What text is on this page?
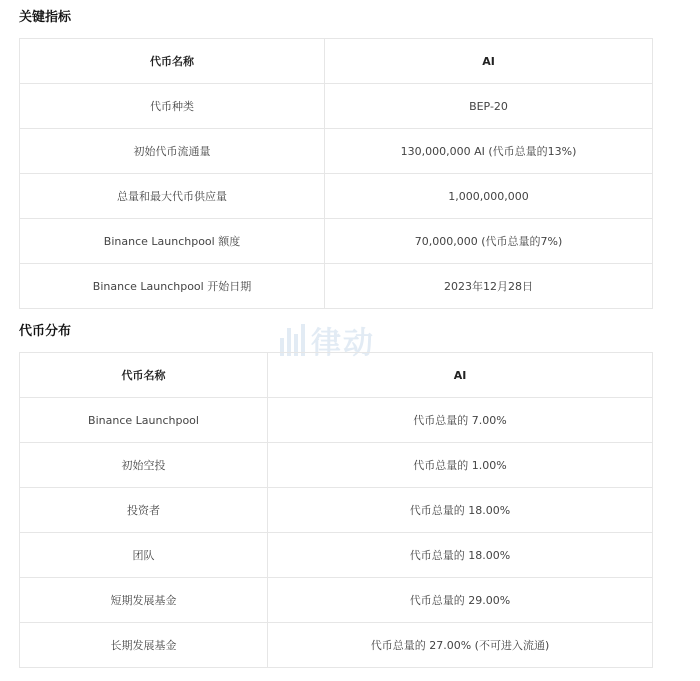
关键指标
代币名称	AI
代币种类	BEP-20
初始代币流通量	130,000,000 AI (代币总量的13%)
总量和最大代币供应量	1,000,000,000
Binance Launchpool 额度	70,000,000 (代币总量的7%)
Binance Launchpool 开始日期	2023年12月28日
代币分布	律动
代币名称	AI
Binance Launchpool	代币总量的 7.00%
初始空投	代币总量的 1.00%
投资者	代币总量的 18.00%
团队	代币总量的 18.00%
短期发展基金	代币总量的 29.00%
长期发展基金	代币总量的 27.00% (不可进入流通)
